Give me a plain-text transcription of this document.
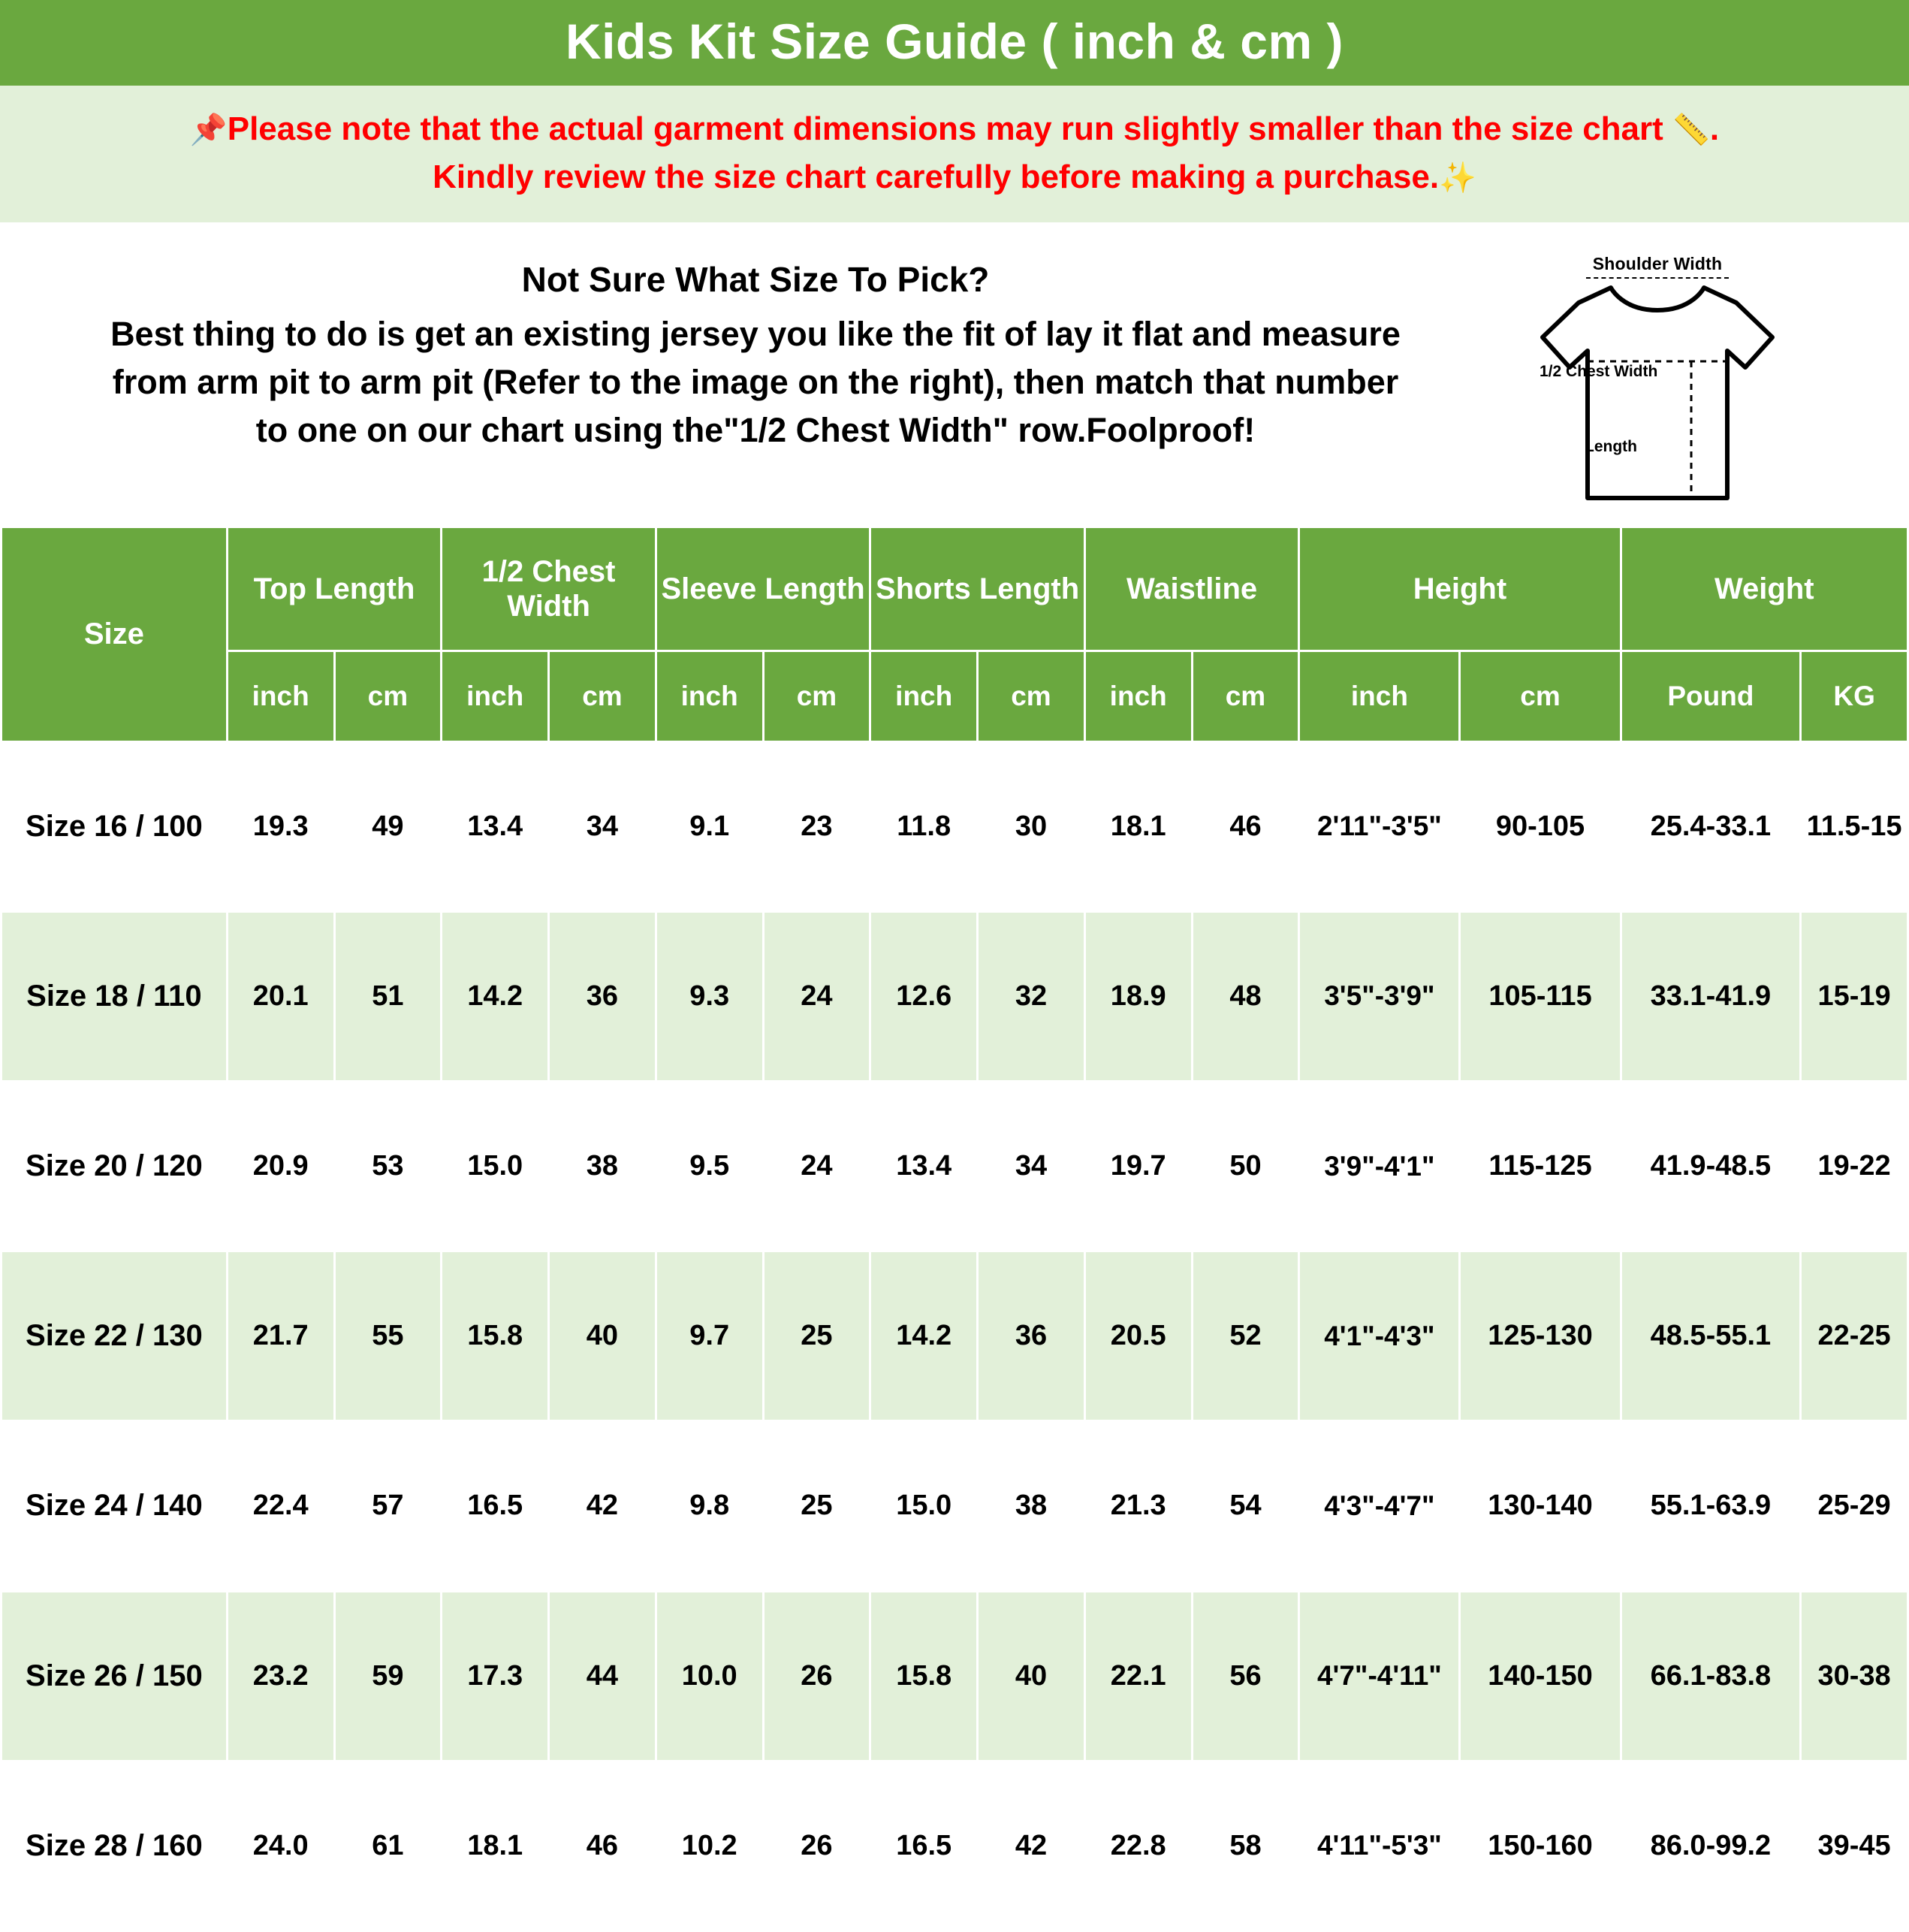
Kids Kit Size Guide ( inch & cm )
📌Please note that the actual garment dimensions may run slightly smaller than the size chart 📏.
Kindly review the size chart carefully before making a purchase.✨
Not Sure What Size To Pick?
Best thing to do is get an existing jersey you like the fit of lay it flat and measure
from arm pit to arm pit (Refer to the image on the right), then match that number
to one on our chart using the"1/2 Chest Width" row.Foolproof!
Shoulder Width
1/2 Chest Width
Length
Size	Top Length		1/2 Chest Width		Sleeve Length		Shorts Length		Waistline		Height		Weight	
	inch	cm	inch	cm	inch	cm	inch	cm	inch	cm	inch	cm	Pound	KG
Size 16 / 100	19.3	49	13.4	34	9.1	23	11.8	30	18.1	46	2'11"-3'5"	90-105	25.4-33.1	11.5-15
Size 18 / 110	20.1	51	14.2	36	9.3	24	12.6	32	18.9	48	3'5"-3'9"	105-115	33.1-41.9	15-19
Size 20 / 120	20.9	53	15.0	38	9.5	24	13.4	34	19.7	50	3'9"-4'1"	115-125	41.9-48.5	19-22
Size 22 / 130	21.7	55	15.8	40	9.7	25	14.2	36	20.5	52	4'1"-4'3"	125-130	48.5-55.1	22-25
Size 24 / 140	22.4	57	16.5	42	9.8	25	15.0	38	21.3	54	4'3"-4'7"	130-140	55.1-63.9	25-29
Size 26 / 150	23.2	59	17.3	44	10.0	26	15.8	40	22.1	56	4'7"-4'11"	140-150	66.1-83.8	30-38
Size 28 / 160	24.0	61	18.1	46	10.2	26	16.5	42	22.8	58	4'11"-5'3"	150-160	86.0-99.2	39-45
